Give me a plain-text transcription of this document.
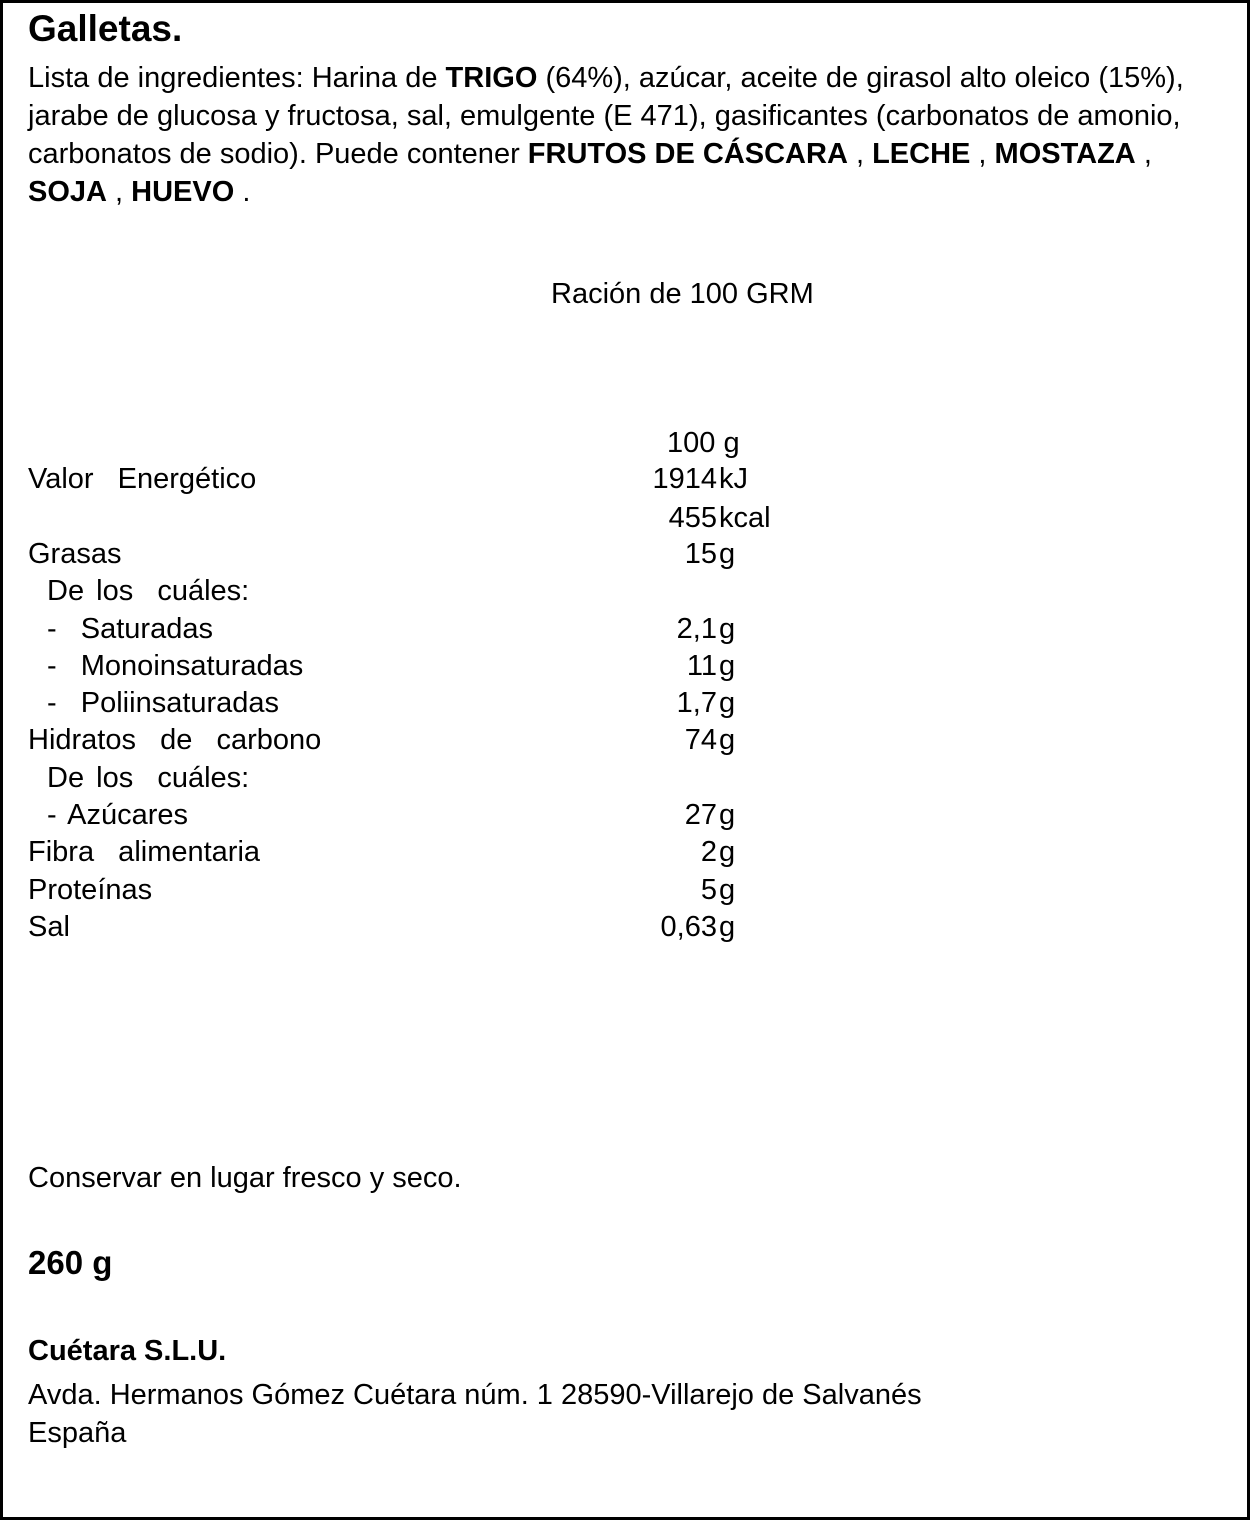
Galletas.
Lista de ingredientes: Harina de TRIGO (64%), azúcar, aceite de girasol alto oleico (15%), jarabe de glucosa y fructosa, sal, emulgente (E 471), gasificantes (carbonatos de amonio, carbonatos de sodio). Puede contener FRUTOS DE CÁSCARA , LECHE , MOSTAZA , SOJA , HUEVO .
Ración de 100 GRM
100 g
Valor  Energético	1914 kJ
455 kcal
Grasas	15 g
De los  cuáles:
-  Saturadas	2,1 g
-  Monoinsaturadas	11 g
-  Poliinsaturadas	1,7 g
Hidratos  de  carbono	74 g
De los  cuáles:
- Azúcares	27 g
Fibra  alimentaria	2 g
Proteínas	5 g
Sal	0,63 g
Conservar en lugar fresco y seco.
260 g
Cuétara S.L.U.
Avda. Hermanos Gómez Cuétara núm. 1 28590-Villarejo de Salvanés
España
